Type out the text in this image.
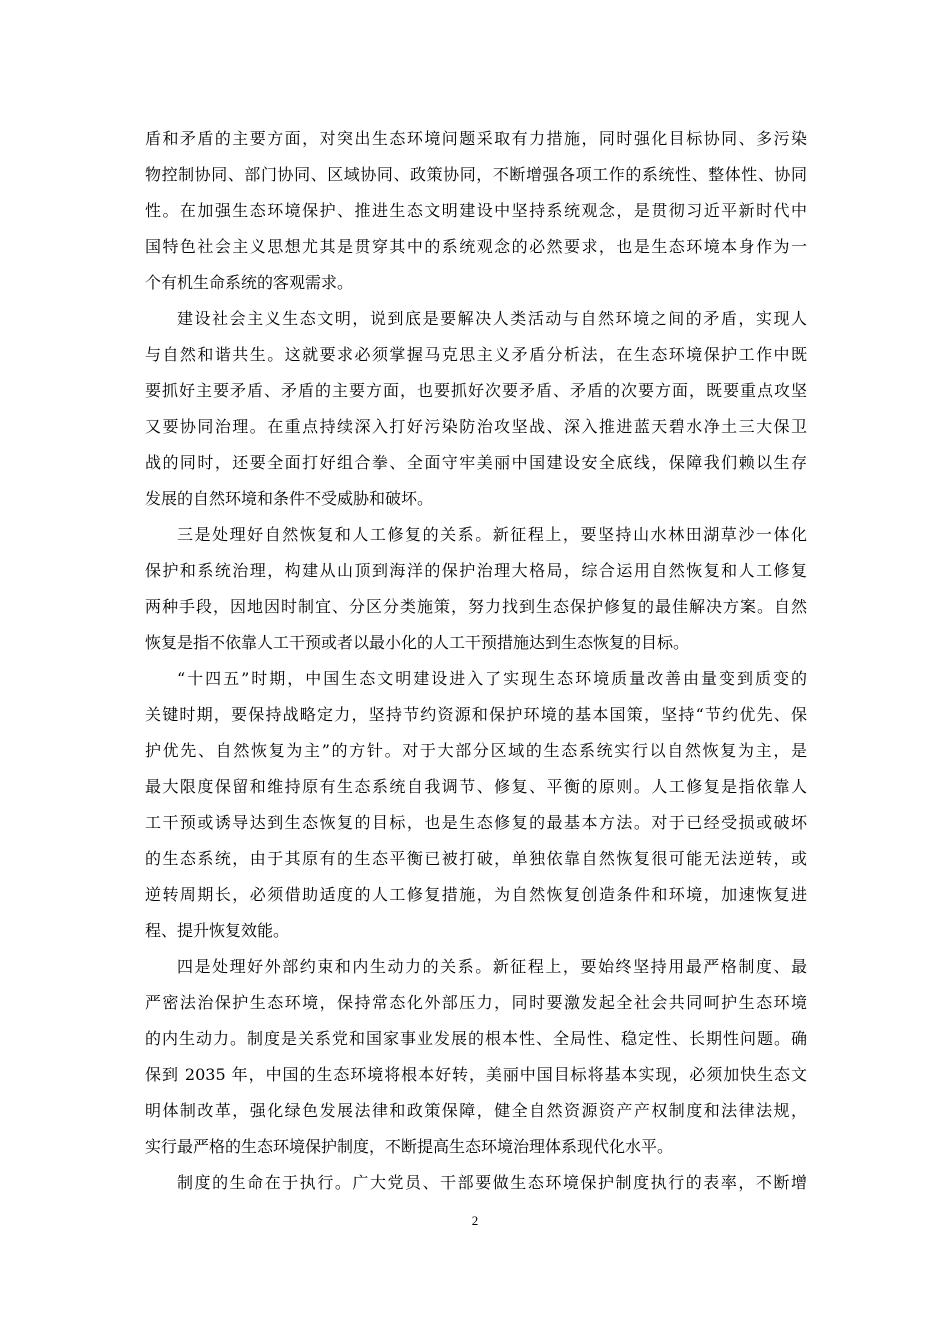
盾和矛盾的主要方面，对突出生态环境问题采取有力措施，同时强化目标协同、多污染
物控制协同、部门协同、区域协同、政策协同，不断增强各项工作的系统性、整体性、协同
性。在加强生态环境保护、推进生态文明建设中坚持系统观念，是贯彻习近平新时代中
国特色社会主义思想尤其是贯穿其中的系统观念的必然要求，也是生态环境本身作为一
个有机生命系统的客观需求。
建设社会主义生态文明，说到底是要解决人类活动与自然环境之间的矛盾，实现人
与自然和谐共生。这就要求必须掌握马克思主义矛盾分析法，在生态环境保护工作中既
要抓好主要矛盾、矛盾的主要方面，也要抓好次要矛盾、矛盾的次要方面，既要重点攻坚
又要协同治理。在重点持续深入打好污染防治攻坚战、深入推进蓝天碧水净土三大保卫
战的同时，还要全面打好组合拳、全面守牢美丽中国建设安全底线，保障我们赖以生存
发展的自然环境和条件不受威胁和破坏。
三是处理好自然恢复和人工修复的关系。新征程上，要坚持山水林田湖草沙一体化
保护和系统治理，构建从山顶到海洋的保护治理大格局，综合运用自然恢复和人工修复
两种手段，因地因时制宜、分区分类施策，努力找到生态保护修复的最佳解决方案。自然
恢复是指不依靠人工干预或者以最小化的人工干预措施达到生态恢复的目标。
“十四五”时期，中国生态文明建设进入了实现生态环境质量改善由量变到质变的
关键时期，要保持战略定力，坚持节约资源和保护环境的基本国策，坚持“节约优先、保
护优先、自然恢复为主”的方针。对于大部分区域的生态系统实行以自然恢复为主，是
最大限度保留和维持原有生态系统自我调节、修复、平衡的原则。人工修复是指依靠人
工干预或诱导达到生态恢复的目标，也是生态修复的最基本方法。对于已经受损或破坏
的生态系统，由于其原有的生态平衡已被打破，单独依靠自然恢复很可能无法逆转，或
逆转周期长，必须借助适度的人工修复措施，为自然恢复创造条件和环境，加速恢复进
程、提升恢复效能。
四是处理好外部约束和内生动力的关系。新征程上，要始终坚持用最严格制度、最
严密法治保护生态环境，保持常态化外部压力，同时要激发起全社会共同呵护生态环境
的内生动力。制度是关系党和国家事业发展的根本性、全局性、稳定性、长期性问题。确
保到 2035 年，中国的生态环境将根本好转，美丽中国目标将基本实现，必须加快生态文
明体制改革，强化绿色发展法律和政策保障，健全自然资源资产产权制度和法律法规，
实行最严格的生态环境保护制度，不断提高生态环境治理体系现代化水平。
制度的生命在于执行。广大党员、干部要做生态环境保护制度执行的表率，不断增
2
